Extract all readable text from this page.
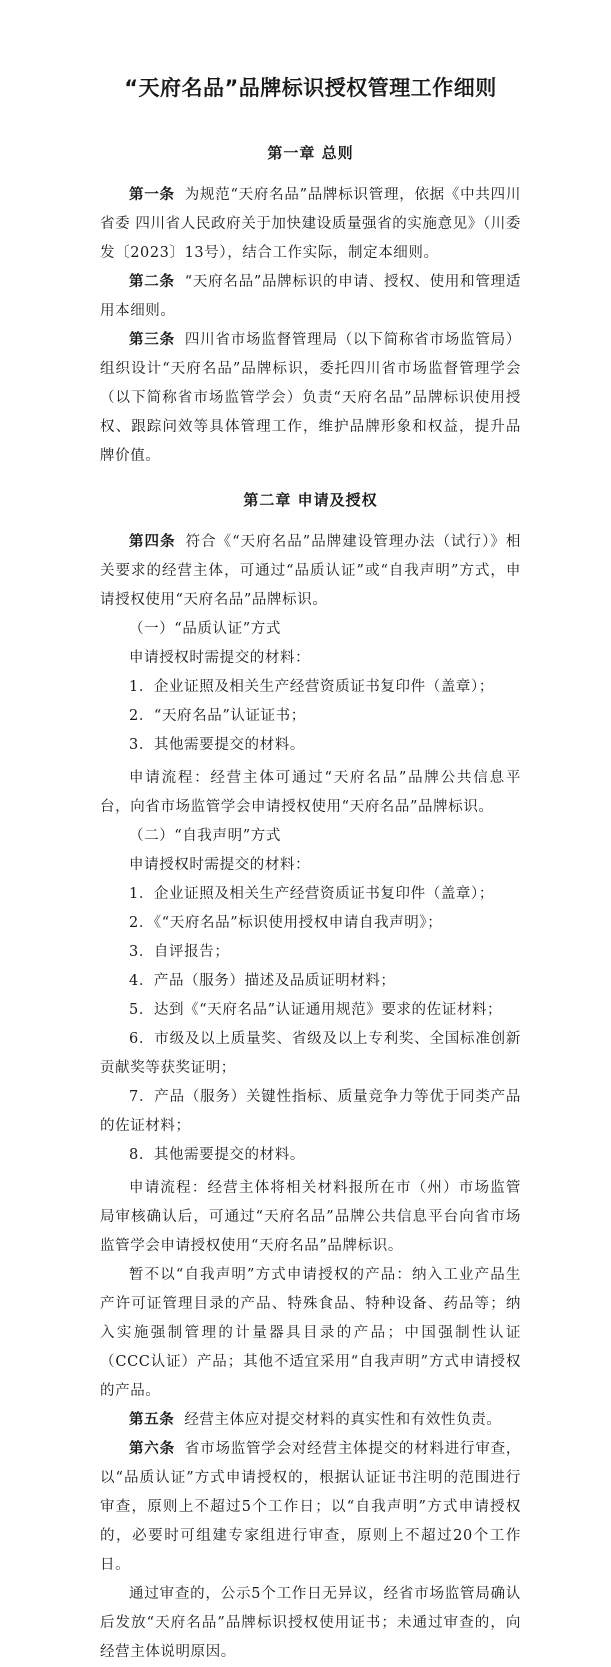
“天府名品”品牌标识授权管理工作细则
第一章 总则

第一条 为规范“天府名品”品牌标识管理，依据《中共四川省委 四川省人民政府关于加快建设质量强省的实施意见》（川委发〔2023〕13号），结合工作实际，制定本细则。

第二条 “天府名品”品牌标识的申请、授权、使用和管理适用本细则。

第三条 四川省市场监督管理局（以下简称省市场监管局）组织设计“天府名品”品牌标识，委托四川省市场监督管理学会（以下简称省市场监管学会）负责“天府名品”品牌标识使用授权、跟踪问效等具体管理工作，维护品牌形象和权益，提升品牌价值。

第二章 申请及授权

第四条 符合《“天府名品”品牌建设管理办法（试行）》相关要求的经营主体，可通过“品质认证”或“自我声明”方式，申请授权使用“天府名品”品牌标识。

（一）“品质认证”方式

申请授权时需提交的材料：

1．企业证照及相关生产经营资质证书复印件（盖章）；

2．“天府名品”认证证书；

3．其他需要提交的材料。

申请流程：经营主体可通过“天府名品”品牌公共信息平台，向省市场监管学会申请授权使用“天府名品”品牌标识。

（二）“自我声明”方式

申请授权时需提交的材料：

1．企业证照及相关生产经营资质证书复印件（盖章）；

2．《“天府名品”标识使用授权申请自我声明》；

3．自评报告；

4．产品（服务）描述及品质证明材料；

5．达到《“天府名品”认证通用规范》要求的佐证材料；

6．市级及以上质量奖、省级及以上专利奖、全国标准创新贡献奖等获奖证明；

7．产品（服务）关键性指标、质量竞争力等优于同类产品的佐证材料；

8．其他需要提交的材料。

申请流程：经营主体将相关材料报所在市（州）市场监管局审核确认后，可通过“天府名品”品牌公共信息平台向省市场监管学会申请授权使用“天府名品”品牌标识。

暂不以“自我声明”方式申请授权的产品：纳入工业产品生产许可证管理目录的产品、特殊食品、特种设备、药品等；纳入实施强制管理的计量器具目录的产品；中国强制性认证（CCC认证）产品；其他不适宜采用“自我声明”方式申请授权的产品。

第五条 经营主体应对提交材料的真实性和有效性负责。

第六条 省市场监管学会对经营主体提交的材料进行审查，以“品质认证”方式申请授权的，根据认证证书注明的范围进行审查，原则上不超过5个工作日；以“自我声明”方式申请授权的，必要时可组建专家组进行审查，原则上不超过20个工作日。

通过审查的，公示5个工作日无异议，经省市场监管局确认后发放“天府名品”品牌标识授权使用证书；未通过审查的，向经营主体说明原因。
